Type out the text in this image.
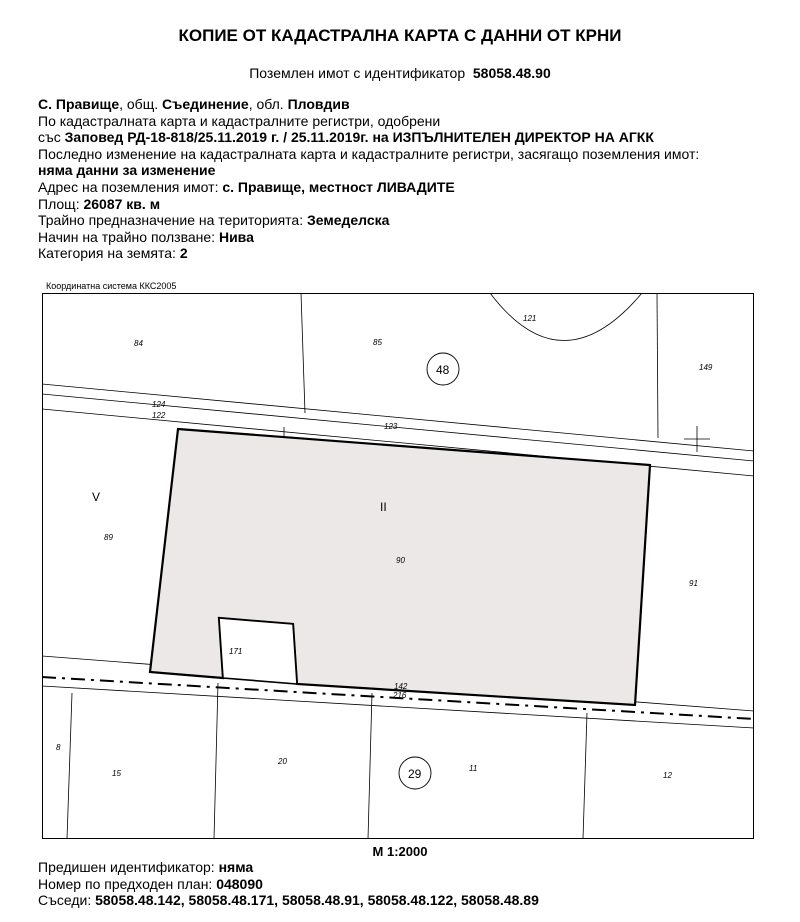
КОПИЕ ОТ КАДАСТРАЛНА КАРТА С ДАННИ ОТ КРНИ
Поземлен имот с идентификатор 58058.48.90
С. Правище, общ. Съединение, обл. Пловдив
По кадастралната карта и кадастралните регистри, одобрени
със Заповед РД-18-818/25.11.2019 г. / 25.11.2019г. на ИЗПЪЛНИТЕЛЕН ДИРЕКТОР НА АГКК
Последно изменение на кадастралната карта и кадастралните регистри, засягащо поземления имот:
няма данни за изменение
Адрес на поземления имот: с. Правище, местност ЛИВАДИТЕ
Площ: 26087 кв. м
Трайно предназначение на територията: Земеделска
Начин на трайно ползване: Нива
Категория на земята: 2
Координатна система ККС2005
84	85
121
149
124
122
123
89
90
91
171
142
216
8
15
20
11
12
48
29
V
II
М 1:2000
Предишен идентификатор: няма
Номер по предходен план: 048090
Съседи: 58058.48.142, 58058.48.171, 58058.48.91, 58058.48.122, 58058.48.89
